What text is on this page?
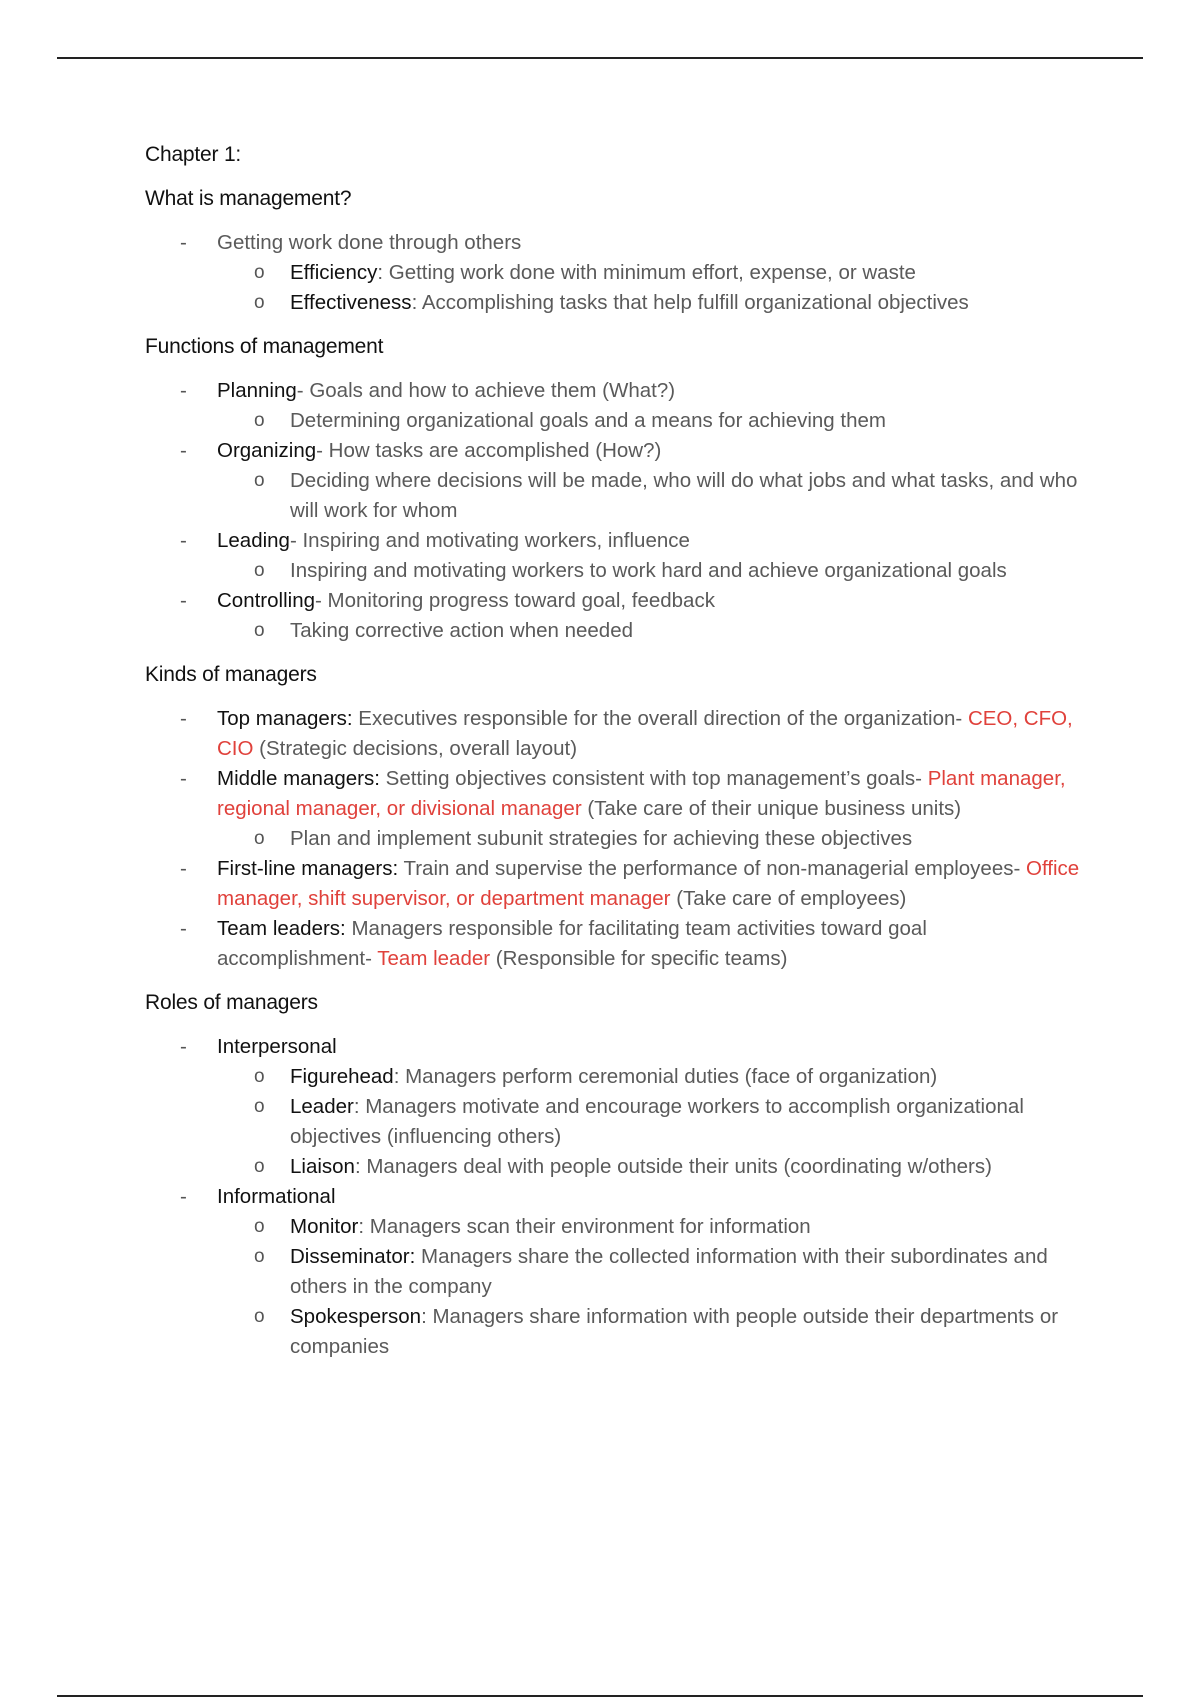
Chapter 1:
What is management?
- Getting work done through others
o Efficiency: Getting work done with minimum effort, expense, or waste
o Effectiveness: Accomplishing tasks that help fulfill organizational objectives
Functions of management
- Planning- Goals and how to achieve them (What?)
o Determining organizational goals and a means for achieving them
- Organizing- How tasks are accomplished (How?)
o Deciding where decisions will be made, who will do what jobs and what tasks, and who will work for whom
- Leading- Inspiring and motivating workers, influence
o Inspiring and motivating workers to work hard and achieve organizational goals
- Controlling- Monitoring progress toward goal, feedback
o Taking corrective action when needed
Kinds of managers
- Top managers: Executives responsible for the overall direction of the organization- CEO, CFO, CIO (Strategic decisions, overall layout)
- Middle managers: Setting objectives consistent with top management’s goals- Plant manager, regional manager, or divisional manager (Take care of their unique business units)
o Plan and implement subunit strategies for achieving these objectives
- First-line managers: Train and supervise the performance of non-managerial employees- Office manager, shift supervisor, or department manager (Take care of employees)
- Team leaders: Managers responsible for facilitating team activities toward goal accomplishment- Team leader (Responsible for specific teams)
Roles of managers
- Interpersonal
o Figurehead: Managers perform ceremonial duties (face of organization)
o Leader: Managers motivate and encourage workers to accomplish organizational objectives (influencing others)
o Liaison: Managers deal with people outside their units (coordinating w/others)
- Informational
o Monitor: Managers scan their environment for information
o Disseminator: Managers share the collected information with their subordinates and others in the company
o Spokesperson: Managers share information with people outside their departments or companies
